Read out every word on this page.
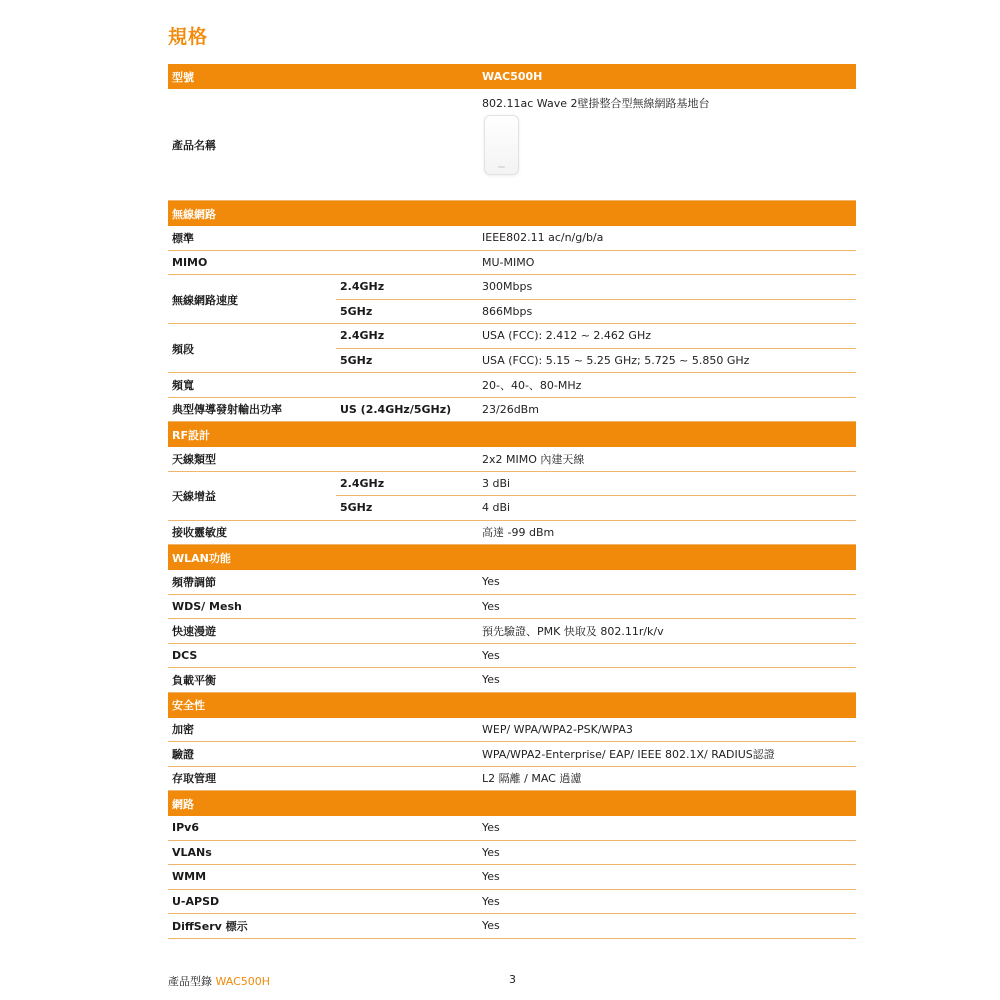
規格
型號	WAC500H
產品名稱
802.11ac Wave 2壁掛整合型無線網路基地台
無線網路
標準	IEEE802.11 ac/n/g/b/a
MIMO	MU-MIMO
無線網路速度
2.4GHz	300Mbps
5GHz	866Mbps
頻段
2.4GHz	USA (FCC): 2.412 ~ 2.462 GHz
5GHz	USA (FCC): 5.15 ~ 5.25 GHz; 5.725 ~ 5.850 GHz
頻寬	20-、40-、80-MHz
典型傳導發射輸出功率	US (2.4GHz/5GHz)	23/26dBm
RF設計
天線類型	2x2 MIMO 內建天線
天線增益
2.4GHz	3 dBi
5GHz	4 dBi
接收靈敏度	高達 -99 dBm
WLAN功能
頻帶調節	Yes
WDS/ Mesh	Yes
快速漫遊	預先驗證、PMK 快取及 802.11r/k/v
DCS	Yes
負載平衡	Yes
安全性
加密	WEP/ WPA/WPA2-PSK/WPA3
驗證	WPA/WPA2-Enterprise/ EAP/ IEEE 802.1X/ RADIUS認證
存取管理	L2 隔離 / MAC 過濾
網路
IPv6	Yes
VLANs	Yes
WMM	Yes
U-APSD	Yes
DiffServ 標示	Yes
產品型錄 WAC500H	3
